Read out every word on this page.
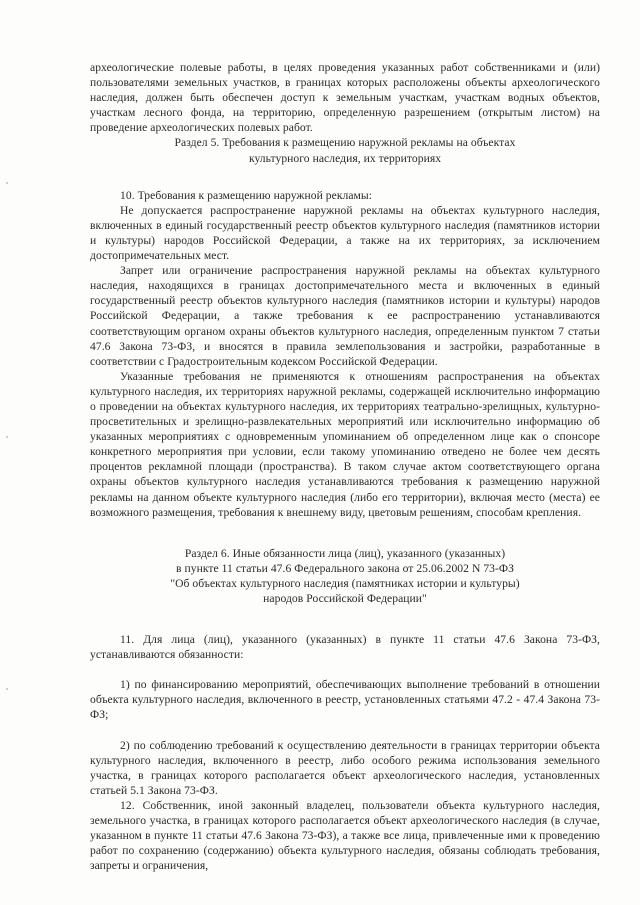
археологические полевые работы, в целях проведения указанных работ собственниками и (или) пользователями земельных участков, в границах которых расположены объекты археологического наследия, должен быть обеспечен доступ к земельным участкам, участкам водных объектов, участкам лесного фонда, на территорию, определенную разрешением (открытым листом) на проведение археологических полевых работ.

Раздел 5. Требования к размещению наружной рекламы на объектах

культурного наследия, их территориях

10. Требования к размещению наружной рекламы:

Не допускается распространение наружной рекламы на объектах культурного наследия, включенных в единый государственный реестр объектов культурного наследия (памятников истории и культуры) народов Российской Федерации, а также на их территориях, за исключением достопримечательных мест.

Запрет или ограничение распространения наружной рекламы на объектах культурного наследия, находящихся в границах достопримечательного места и включенных в единый государственный реестр объектов культурного наследия (памятников истории и культуры) народов Российской Федерации, а также требования к ее распространению устанавливаются соответствующим органом охраны объектов культурного наследия, определенным пунктом 7 статьи 47.6 Закона 73-ФЗ, и вносятся в правила землепользования и застройки, разработанные в соответствии с Градостроительным кодексом Российской Федерации.

Указанные требования не применяются к отношениям распространения на объектах культурного наследия, их территориях наружной рекламы, содержащей исключительно информацию о проведении на объектах культурного наследия, их территориях театрально-зрелищных, культурно-просветительных и зрелищно-развлекательных мероприятий или исключительно информацию об указанных мероприятиях с одновременным упоминанием об определенном лице как о спонсоре конкретного мероприятия при условии, если такому упоминанию отведено не более чем десять процентов рекламной площади (пространства). В таком случае актом соответствующего органа охраны объектов культурного наследия устанавливаются требования к размещению наружной рекламы на данном объекте культурного наследия (либо его территории), включая место (места) ее возможного размещения, требования к внешнему виду, цветовым решениям, способам крепления.

Раздел 6. Иные обязанности лица (лиц), указанного (указанных)

в пункте 11 статьи 47.6 Федерального закона от 25.06.2002 N 73-ФЗ

"Об объектах культурного наследия (памятниках истории и культуры)

народов Российской Федерации"

11. Для лица (лиц), указанного (указанных) в пункте 11 статьи 47.6 Закона 73-ФЗ, устанавливаются обязанности:

1) по финансированию мероприятий, обеспечивающих выполнение требований в отношении объекта культурного наследия, включенного в реестр, установленных статьями 47.2 - 47.4 Закона 73-ФЗ;

2) по соблюдению требований к осуществлению деятельности в границах территории объекта культурного наследия, включенного в реестр, либо особого режима использования земельного участка, в границах которого располагается объект археологического наследия, установленных статьей 5.1 Закона 73-ФЗ.

12. Собственник, иной законный владелец, пользователи объекта культурного наследия, земельного участка, в границах которого располагается объект археологического наследия (в случае, указанном в пункте 11 статьи 47.6 Закона 73-ФЗ), а также все лица, привлеченные ими к проведению работ по сохранению (содержанию) объекта культурного наследия, обязаны соблюдать требования, запреты и ограничения,
